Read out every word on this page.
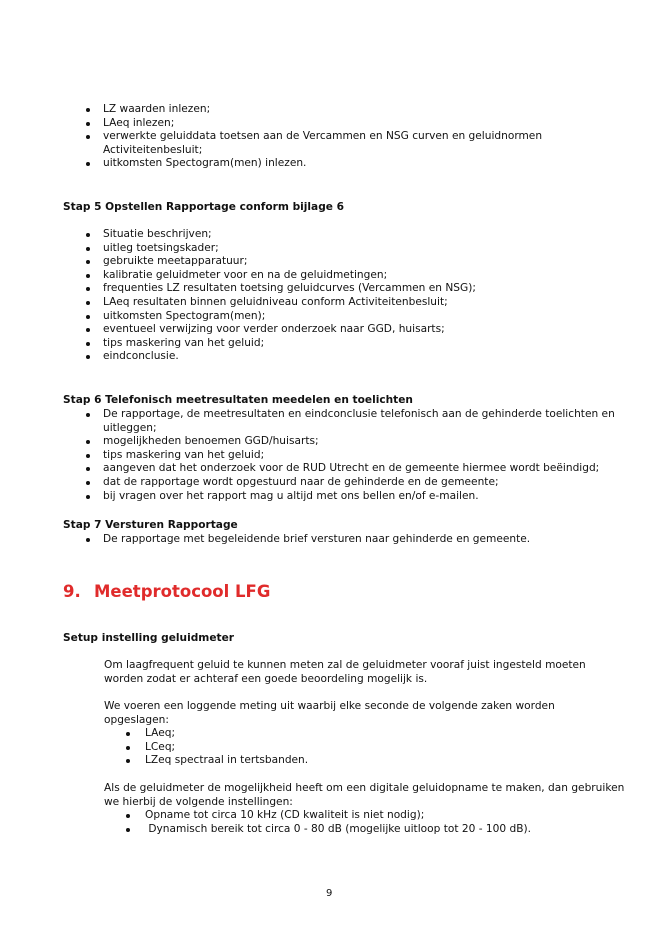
LZ waarden inlezen;
LAeq inlezen;
verwerkte geluiddata toetsen aan de Vercammen en NSG curven en geluidnormen
Activiteitenbesluit;
uitkomsten Spectogram(men) inlezen.
Stap 5 Opstellen Rapportage conform bijlage 6
Situatie beschrijven;
uitleg toetsingskader;
gebruikte meetapparatuur;
kalibratie geluidmeter voor en na de geluidmetingen;
frequenties LZ resultaten toetsing geluidcurves (Vercammen en NSG);
LAeq resultaten binnen geluidniveau conform Activiteitenbesluit;
uitkomsten Spectogram(men);
eventueel verwijzing voor verder onderzoek naar GGD, huisarts;
tips maskering van het geluid;
eindconclusie.
Stap 6 Telefonisch meetresultaten meedelen en toelichten
De rapportage, de meetresultaten en eindconclusie telefonisch aan de gehinderde toelichten en
uitleggen;
mogelijkheden benoemen GGD/huisarts;
tips maskering van het geluid;
aangeven dat het onderzoek voor de RUD Utrecht en de gemeente hiermee wordt beëindigd;
dat de rapportage wordt opgestuurd naar de gehinderde en de gemeente;
bij vragen over het rapport mag u altijd met ons bellen en/of e-mailen.
Stap 7 Versturen Rapportage
De rapportage met begeleidende brief versturen naar gehinderde en gemeente.
9. Meetprotocool LFG
Setup instelling geluidmeter
Om laagfrequent geluid te kunnen meten zal de geluidmeter vooraf juist ingesteld moeten
worden zodat er achteraf een goede beoordeling mogelijk is.
We voeren een loggende meting uit waarbij elke seconde de volgende zaken worden
opgeslagen:
LAeq;
LCeq;
LZeq spectraal in tertsbanden.
Als de geluidmeter de mogelijkheid heeft om een digitale geluidopname te maken, dan gebruiken
we hierbij de volgende instellingen:
Opname tot circa 10 kHz (CD kwaliteit is niet nodig);
Dynamisch bereik tot circa 0 - 80 dB (mogelijke uitloop tot 20 - 100 dB).
9
